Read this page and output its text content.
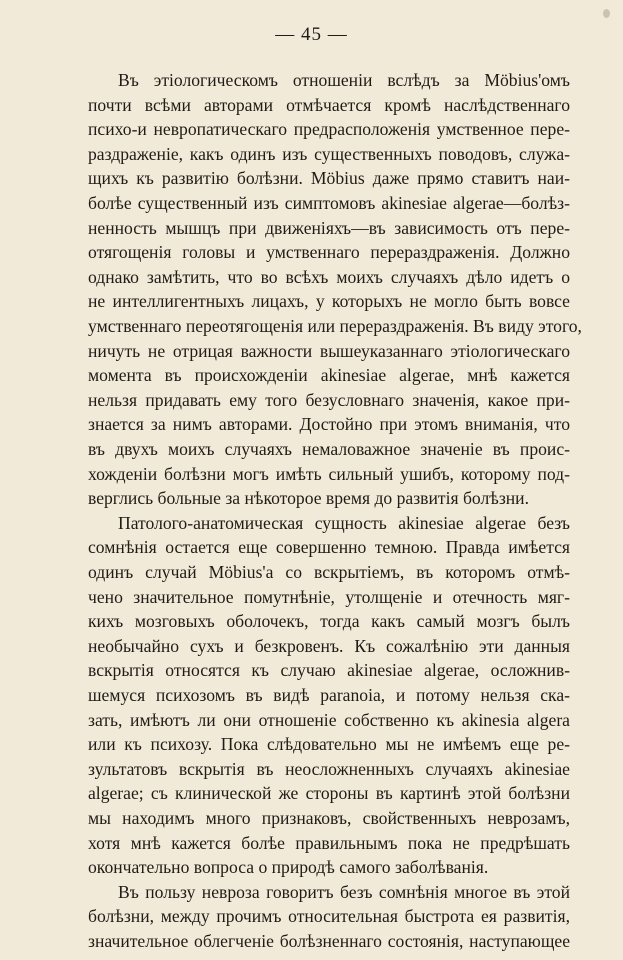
— 45 —
Въ этіологическомъ отношеніи вслѣдъ за Möbius'омъ
почти всѣми авторами отмѣчается кромѣ наслѣдственнаго
психо-и невропатическаго предрасположенія умственное пере-
раздраженіе, какъ одинъ изъ существенныхъ поводовъ, служа-
щихъ къ развитію болѣзни. Möbius даже прямо ставитъ наи-
болѣе существенный изъ симптомовъ akinesiae algerae—болѣз-
ненность мышцъ при движеніяхъ—въ зависимость отъ пере-
отягощенія головы и умственнаго перераздраженія. Должно
однако замѣтить, что во всѣхъ моихъ случаяхъ дѣло идетъ о
не интеллигентныхъ лицахъ, у которыхъ не могло быть вовсе
умственнаго переотягощенія или перераздраженія. Въ виду этого,
ничуть не отрицая важности вышеуказаннаго этіологическаго
момента въ происхожденіи akinesiae algerae, мнѣ кажется
нельзя придавать ему того безусловнаго значенія, какое при-
знается за нимъ авторами. Достойно при этомъ вниманія, что
въ двухъ моихъ случаяхъ немаловажное значеніе въ проис-
хожденіи болѣзни могъ имѣть сильный ушибъ, которому под-
верглись больные за нѣкоторое время до развитія болѣзни.
Патолого-анатомическая сущность akinesiae algerae безъ
сомнѣнія остается еще совершенно темною. Правда имѣется
одинъ случай Möbius'а со вскрытіемъ, въ которомъ отмѣ-
чено значительное помутнѣніе, утолщеніе и отечность мяг-
кихъ мозговыхъ оболочекъ, тогда какъ самый мозгъ былъ
необычайно сухъ и безкровенъ. Къ сожалѣнію эти данныя
вскрытія относятся къ случаю akinesiae algerae, осложнив-
шемуся психозомъ въ видѣ paranoia, и потому нельзя ска-
зать, имѣютъ ли они отношеніе собственно къ akinesia algera
или къ психозу. Пока слѣдовательно мы не имѣемъ еще ре-
зультатовъ вскрытія въ неосложненныхъ случаяхъ akinesiae
algerae; съ клинической же стороны въ картинѣ этой болѣзни
мы находимъ много признаковъ, свойственныхъ неврозамъ,
хотя мнѣ кажется болѣе правильнымъ пока не предрѣшать
окончательно вопроса о природѣ самого заболѣванія.
Въ пользу невроза говоритъ безъ сомнѣнія многое въ этой
болѣзни, между прочимъ относительная быстрота ея развитія,
значительное облегченіе болѣзненнаго состоянія, наступающее
